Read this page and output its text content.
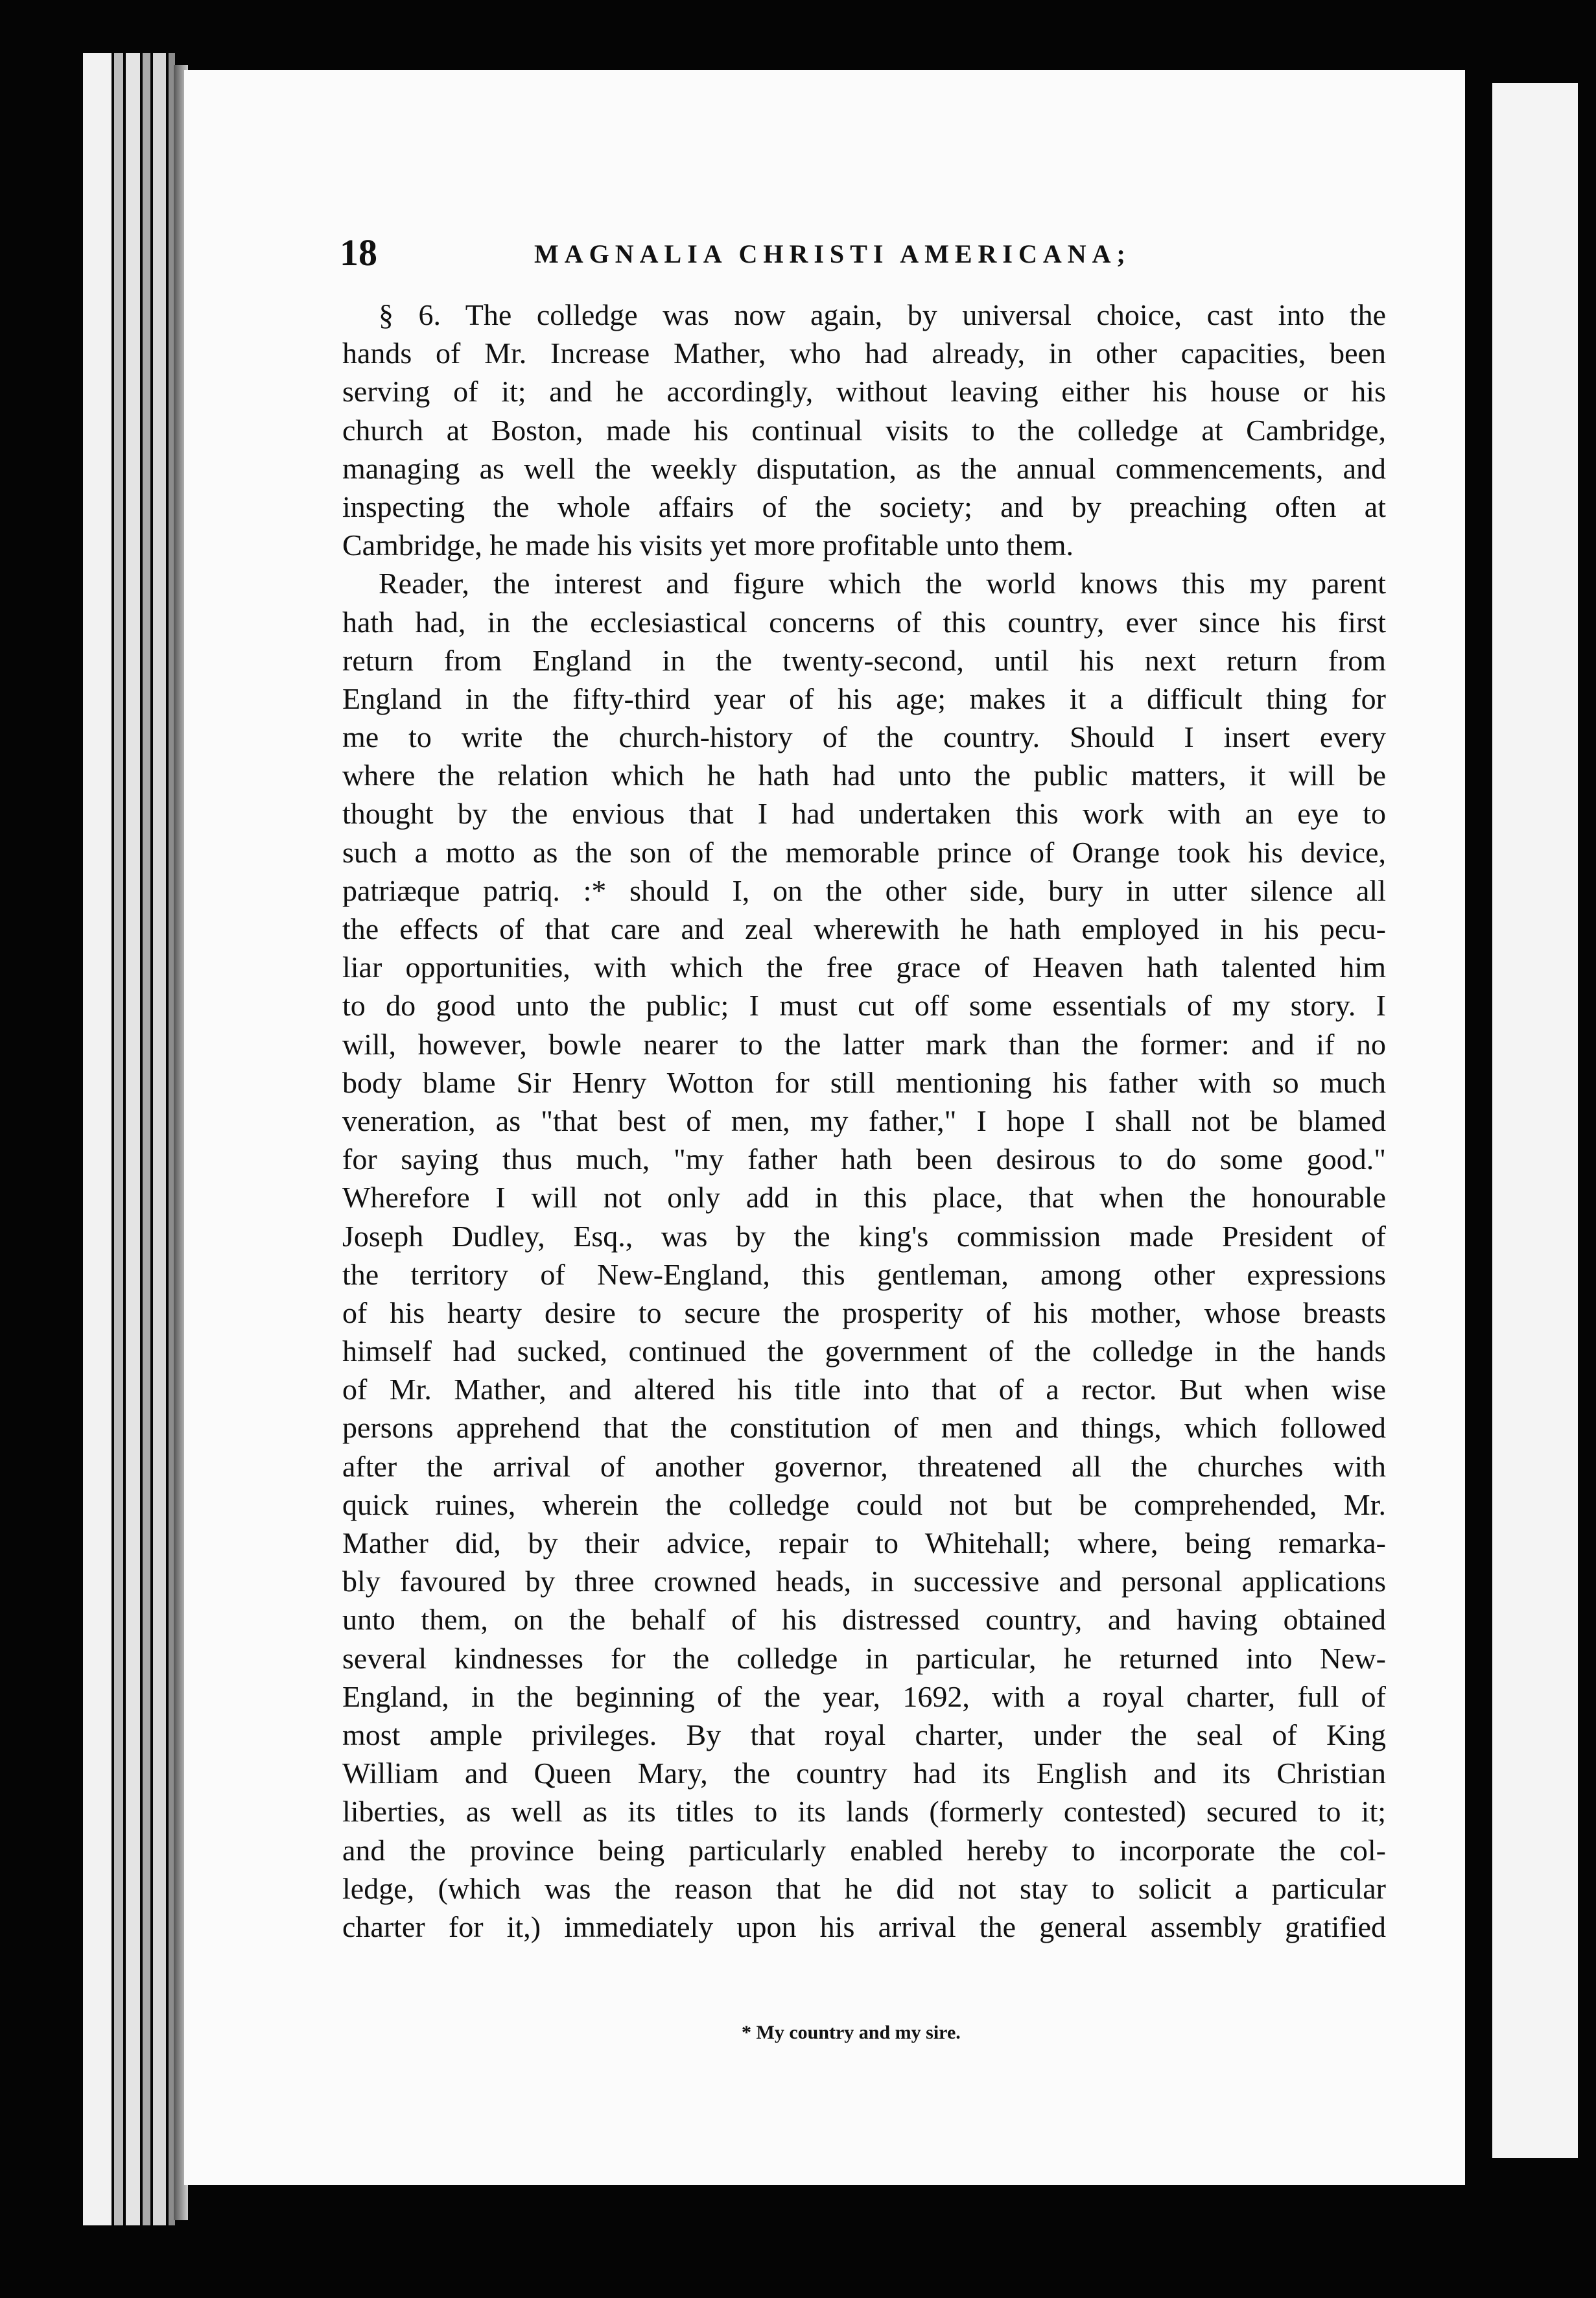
18	MAGNALIA CHRISTI AMERICANA;
§ 6. The colledge was now again, by universal choice, cast into the
hands of Mr. Increase Mather, who had already, in other capacities, been
serving of it; and he accordingly, without leaving either his house or his
church at Boston, made his continual visits to the colledge at Cambridge,
managing as well the weekly disputation, as the annual commencements, and
inspecting the whole affairs of the society; and by preaching often at
Cambridge, he made his visits yet more profitable unto them.
Reader, the interest and figure which the world knows this my parent
hath had, in the ecclesiastical concerns of this country, ever since his first
return from England in the twenty-second, until his next return from
England in the fifty-third year of his age; makes it a difficult thing for
me to write the church-history of the country. Should I insert every
where the relation which he hath had unto the public matters, it will be
thought by the envious that I had undertaken this work with an eye to
such a motto as the son of the memorable prince of Orange took his device,
patriæque patriq. :* should I, on the other side, bury in utter silence all
the effects of that care and zeal wherewith he hath employed in his pecu-
liar opportunities, with which the free grace of Heaven hath talented him
to do good unto the public; I must cut off some essentials of my story. I
will, however, bowle nearer to the latter mark than the former: and if no
body blame Sir Henry Wotton for still mentioning his father with so much
veneration, as "that best of men, my father," I hope I shall not be blamed
for saying thus much, "my father hath been desirous to do some good."
Wherefore I will not only add in this place, that when the honourable
Joseph Dudley, Esq., was by the king's commission made President of
the territory of New-England, this gentleman, among other expressions
of his hearty desire to secure the prosperity of his mother, whose breasts
himself had sucked, continued the government of the colledge in the hands
of Mr. Mather, and altered his title into that of a rector. But when wise
persons apprehend that the constitution of men and things, which followed
after the arrival of another governor, threatened all the churches with
quick ruines, wherein the colledge could not but be comprehended, Mr.
Mather did, by their advice, repair to Whitehall; where, being remarka-
bly favoured by three crowned heads, in successive and personal applications
unto them, on the behalf of his distressed country, and having obtained
several kindnesses for the colledge in particular, he returned into New-
England, in the beginning of the year, 1692, with a royal charter, full of
most ample privileges. By that royal charter, under the seal of King
William and Queen Mary, the country had its English and its Christian
liberties, as well as its titles to its lands (formerly contested) secured to it;
and the province being particularly enabled hereby to incorporate the col-
ledge, (which was the reason that he did not stay to solicit a particular
charter for it,) immediately upon his arrival the general assembly gratified
* My country and my sire.
